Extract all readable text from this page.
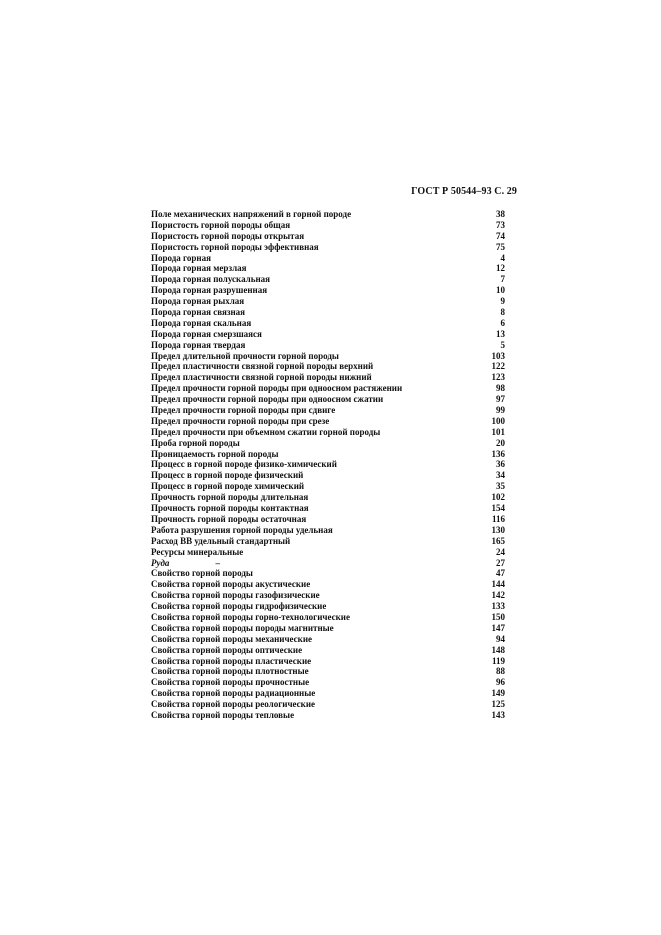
ГОСТ Р 50544–93 С. 29
Поле механических напряжений в горной породе	38
Пористость горной породы общая	73
Пористость горной породы открытая	74
Пористость горной породы эффективная	75
Порода горная	4
Порода горная мерзлая	12
Порода горная полускальная	7
Порода горная разрушенная	10
Порода горная рыхлая	9
Порода горная связная	8
Порода горная скальная	6
Порода горная смерзшаяся	13
Порода горная твердая	5
Предел длительной прочности горной породы	103
Предел пластичности связной горной породы верхний	122
Предел пластичности связной горной породы нижний	123
Предел прочности горной породы при одноосном растяжении	98
Предел прочности горной породы при одноосном сжатии	97
Предел прочности горной породы при сдвиге	99
Предел прочности горной породы при срезе	100
Предел прочности при объемном сжатии горной породы	101
Проба горной породы	20
Проницаемость горной породы	136
Процесс в горной породе физико-химический	36
Процесс в горной породе физический	34
Процесс в горной породе химический	35
Прочность горной породы длительная	102
Прочность горной породы контактная	154
Прочность горной породы остаточная	116
Работа разрушения горной породы удельная	130
Расход ВВ удельный стандартный	165
Ресурсы минеральные	24
Руда	–	27
Свойство горной породы	47
Свойства горной породы акустические	144
Свойства горной породы газофизические	142
Свойства горной породы гидрофизические	133
Свойства горной породы горно-технологические	150
Свойства горной породы породы магнитные	147
Свойства горной породы механические	94
Свойства горной породы оптические	148
Свойства горной породы пластические	119
Свойства горной породы плотностные	88
Свойства горной породы прочностные	96
Свойства горной породы радиационные	149
Свойства горной породы реологические	125
Свойства горной породы тепловые	143
